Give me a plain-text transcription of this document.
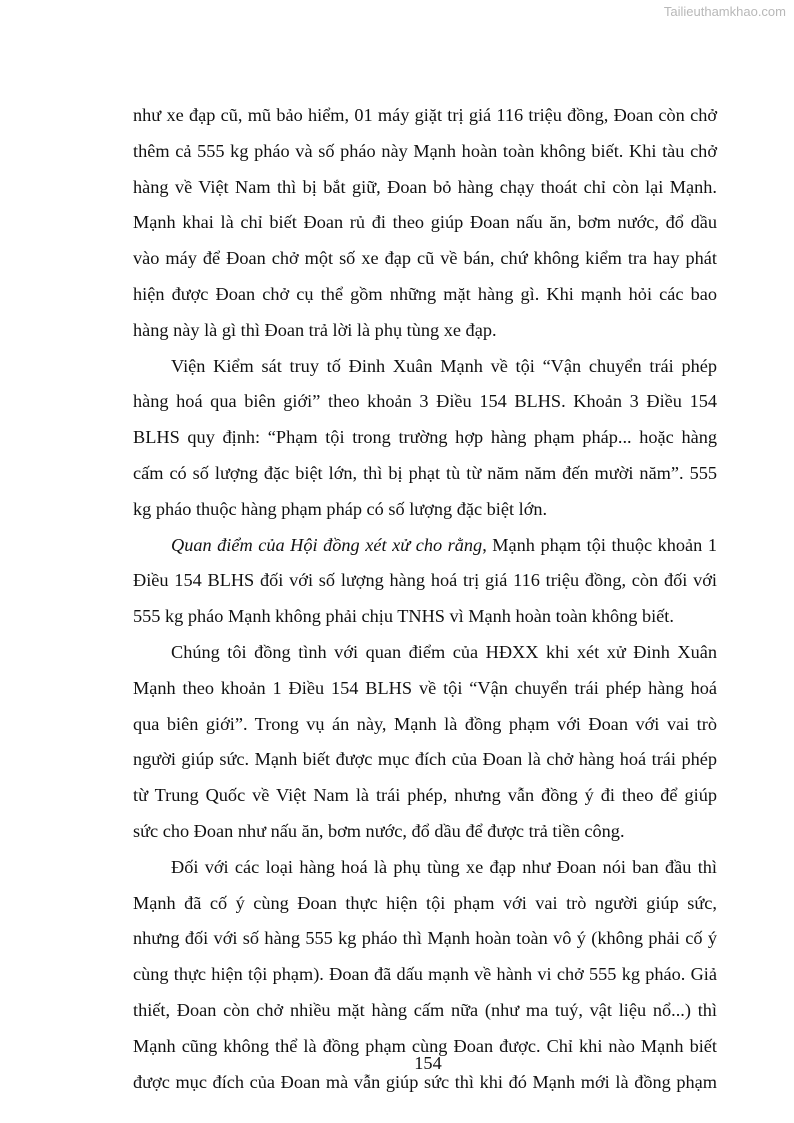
Tailieuthamkhao.com
như xe đạp cũ, mũ bảo hiểm, 01 máy giặt trị giá 116 triệu đồng, Đoan còn chở
thêm cả 555 kg pháo và số pháo này Mạnh hoàn toàn không biết. Khi tàu chở
hàng về Việt Nam thì bị bắt giữ, Đoan bỏ hàng chạy thoát chỉ còn lại Mạnh.
Mạnh khai là chỉ biết Đoan rủ đi theo giúp Đoan nấu ăn, bơm nước, đổ dầu
vào máy để Đoan chở một số xe đạp cũ về bán, chứ không kiểm tra hay phát
hiện được Đoan chở cụ thể gồm những mặt hàng gì. Khi mạnh hỏi các bao
hàng này là gì thì Đoan trả lời là phụ tùng xe đạp.
Viện Kiểm sát truy tố Đinh Xuân Mạnh về tội “Vận chuyển trái phép
hàng hoá qua biên giới” theo khoản 3 Điều 154 BLHS. Khoản 3 Điều 154
BLHS quy định: “Phạm tội trong trường hợp hàng phạm pháp... hoặc hàng
cấm có số lượng đặc biệt lớn, thì bị phạt tù từ năm năm đến mười năm”. 555
kg pháo thuộc hàng phạm pháp có số lượng đặc biệt lớn.
Quan điểm của Hội đồng xét xử cho rằng, Mạnh phạm tội thuộc khoản 1
Điều 154 BLHS đối với số lượng hàng hoá trị giá 116 triệu đồng, còn đối với
555 kg pháo Mạnh không phải chịu TNHS vì Mạnh hoàn toàn không biết.
Chúng tôi đồng tình với quan điểm của HĐXX khi xét xử Đinh Xuân
Mạnh theo khoản 1 Điều 154 BLHS về tội “Vận chuyển trái phép hàng hoá
qua biên giới”. Trong vụ án này, Mạnh là đồng phạm với Đoan với vai trò
người giúp sức. Mạnh biết được mục đích của Đoan là chở hàng hoá trái phép
từ Trung Quốc về Việt Nam là trái phép, nhưng vẫn đồng ý đi theo để giúp
sức cho Đoan như nấu ăn, bơm nước, đổ dầu để được trả tiền công.
Đối với các loại hàng hoá là phụ tùng xe đạp như Đoan nói ban đầu thì
Mạnh đã cố ý cùng Đoan thực hiện tội phạm với vai trò người giúp sức,
nhưng đối với số hàng 555 kg pháo thì Mạnh hoàn toàn vô ý (không phải cố ý
cùng thực hiện tội phạm). Đoan đã dấu mạnh về hành vi chở 555 kg pháo. Giả
thiết, Đoan còn chở nhiều mặt hàng cấm nữa (như ma tuý, vật liệu nổ...) thì
Mạnh cũng không thể là đồng phạm cùng Đoan được. Chỉ khi nào Mạnh biết
được mục đích của Đoan mà vẫn giúp sức thì khi đó Mạnh mới là đồng phạm
154
